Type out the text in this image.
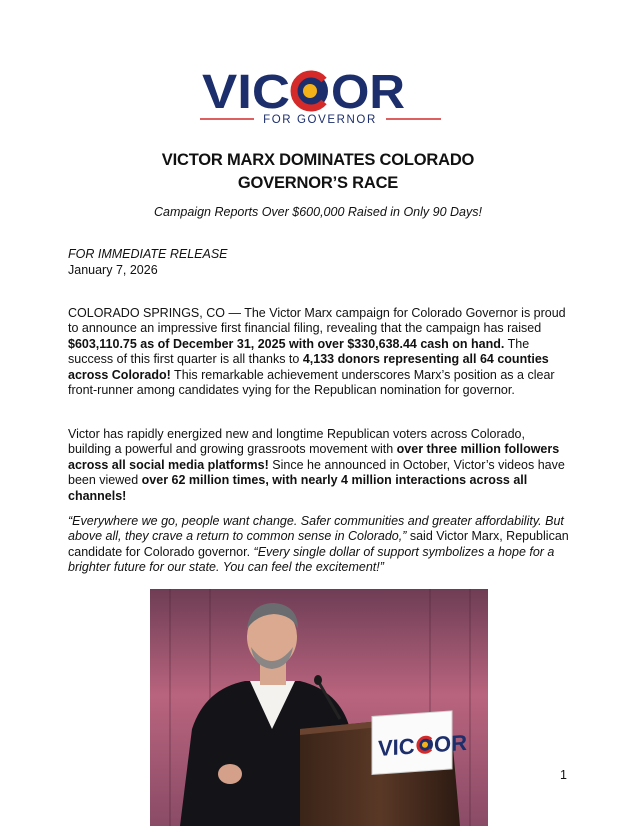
VIC OR
FOR GOVERNOR
VICTOR MARX DOMINATES COLORADO
GOVERNOR’S RACE
Campaign Reports Over $600,000 Raised in Only 90 Days!
FOR IMMEDIATE RELEASE
January 7, 2026

COLORADO SPRINGS, CO — The Victor Marx campaign for Colorado Governor is proud to announce an impressive first financial filing, revealing that the campaign has raised $603,110.75 as of December 31, 2025 with over $330,638.44 cash on hand. The success of this first quarter is all thanks to 4,133 donors representing all 64 counties across Colorado! This remarkable achievement underscores Marx’s position as a clear front-runner among candidates vying for the Republican nomination for governor.

Victor has rapidly energized new and longtime Republican voters across Colorado, building a powerful and growing grassroots movement with over three million followers across all social media platforms! Since he announced in October, Victor’s videos have been viewed over 62 million times, with nearly 4 million interactions across all channels!

“Everywhere we go, people want change. Safer communities and greater affordability. But above all, they crave a return to common sense in Colorado,” said Victor Marx, Republican candidate for Colorado governor. “Every single dollar of support symbolizes a hope for a brighter future for our state. You can feel the excitement!”

VIC OR
1
